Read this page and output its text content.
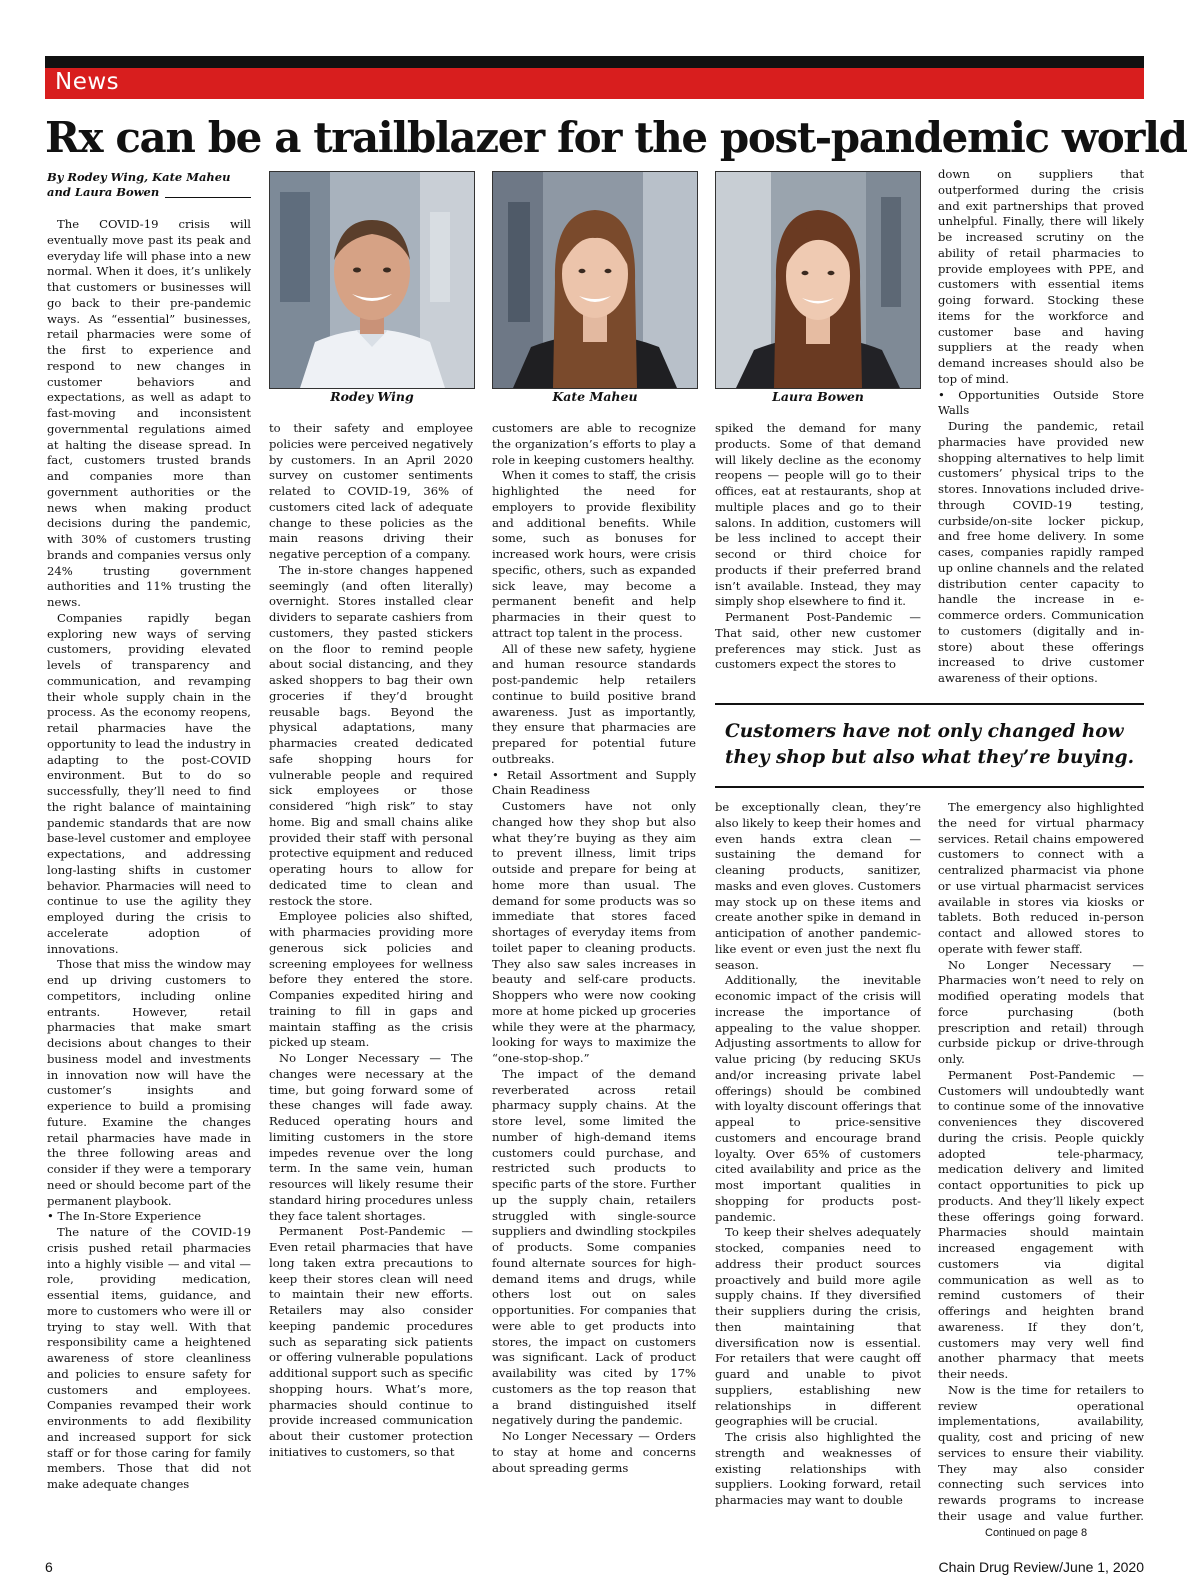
News
Rx can be a trailblazer for the post-pandemic world
By Rodey Wing, Kate Maheu and Laura Bowen
Rodey Wing	Kate Maheu	Laura Bowen

The COVID-19 crisis will eventually move past its peak and everyday life will phase into a new normal. When it does, it’s unlikely that customers or businesses will go back to their pre-pandemic ways. As “essential” businesses, retail pharmacies were some of the first to experience and respond to new changes in customer behaviors and expectations, as well as adapt to fast-moving and inconsistent governmental regulations aimed at halting the disease spread. In fact, customers trusted brands and companies more than government authorities or the news when making product decisions during the pandemic, with 30% of customers trusting brands and companies versus only 24% trusting government authorities and 11% trusting the news.

Companies rapidly began exploring new ways of serving customers, providing elevated levels of transparency and communication, and revamping their whole supply chain in the process. As the economy reopens, retail pharmacies have the opportunity to lead the industry in adapting to the post-COVID environment. But to do so successfully, they’ll need to find the right balance of maintaining pandemic standards that are now base-level customer and employee expectations, and addressing long-lasting shifts in customer behavior. Pharmacies will need to continue to use the agility they employed during the crisis to accelerate adoption of innovations.

Those that miss the window may end up driving customers to competitors, including online entrants. However, retail pharmacies that make smart decisions about changes to their business model and investments in innovation now will have the customer’s insights and experience to build a promising future. Examine the changes retail pharmacies have made in the three following areas and consider if they were a temporary need or should become part of the permanent playbook.

• The In-Store Experience

The nature of the COVID-19 crisis pushed retail pharmacies into a highly visible — and vital — role, providing medication, essential items, guidance, and more to customers who were ill or trying to stay well. With that responsibility came a heightened awareness of store cleanliness and policies to ensure safety for customers and employees. Companies revamped their work environments to add flexibility and increased support for sick staff or for those caring for family members. Those that did not make adequate changes

to their safety and employee policies were perceived negatively by customers. In an April 2020 survey on customer sentiments related to COVID-19, 36% of customers cited lack of adequate change to these policies as the main reasons driving their negative perception of a company.

The in-store changes happened seemingly (and often literally) overnight. Stores installed clear dividers to separate cashiers from customers, they pasted stickers on the floor to remind people about social distancing, and they asked shoppers to bag their own groceries if they’d brought reusable bags. Beyond the physical adaptations, many pharmacies created dedicated safe shopping hours for vulnerable people and required sick employees or those considered “high risk” to stay home. Big and small chains alike provided their staff with personal protective equipment and reduced operating hours to allow for dedicated time to clean and restock the store.

Employee policies also shifted, with pharmacies providing more generous sick policies and screening employees for wellness before they entered the store. Companies expedited hiring and training to fill in gaps and maintain staffing as the crisis picked up steam.

No Longer Necessary — The changes were necessary at the time, but going forward some of these changes will fade away. Reduced operating hours and limiting customers in the store impedes revenue over the long term. In the same vein, human resources will likely resume their standard hiring procedures unless they face talent shortages.

Permanent Post-Pandemic — Even retail pharmacies that have long taken extra precautions to keep their stores clean will need to maintain their new efforts. Retailers may also consider keeping pandemic procedures such as separating sick patients or offering vulnerable populations additional support such as specific shopping hours. What’s more, pharmacies should continue to provide increased communication about their customer protection initiatives to customers, so that

customers are able to recognize the organization’s efforts to play a role in keeping customers healthy.

When it comes to staff, the crisis highlighted the need for employers to provide flexibility and additional benefits. While some, such as bonuses for increased work hours, were crisis specific, others, such as expanded sick leave, may become a permanent benefit and help pharmacies in their quest to attract top talent in the process.

All of these new safety, hygiene and human resource standards post-pandemic help retailers continue to build positive brand awareness. Just as importantly, they ensure that pharmacies are prepared for potential future outbreaks.

• Retail Assortment and Supply Chain Readiness

Customers have not only changed how they shop but also what they’re buying as they aim to prevent illness, limit trips outside and prepare for being at home more than usual. The demand for some products was so immediate that stores faced shortages of everyday items from toilet paper to cleaning products. They also saw sales increases in beauty and self-care products. Shoppers who were now cooking more at home picked up groceries while they were at the pharmacy, looking for ways to maximize the “one-stop-shop.”

The impact of the demand reverberated across retail pharmacy supply chains. At the store level, some limited the number of high-demand items customers could purchase, and restricted such products to specific parts of the store. Further up the supply chain, retailers struggled with single-source suppliers and dwindling stockpiles of products. Some companies found alternate sources for high-demand items and drugs, while others lost out on sales opportunities. For companies that were able to get products into stores, the impact on customers was significant. Lack of product availability was cited by 17% customers as the top reason that a brand distinguished itself negatively during the pandemic.

No Longer Necessary — Orders to stay at home and concerns about spreading germs

spiked the demand for many products. Some of that demand will likely decline as the economy reopens — people will go to their offices, eat at restaurants, shop at multiple places and go to their salons. In addition, customers will be less inclined to accept their second or third choice for products if their preferred brand isn’t available. Instead, they may simply shop elsewhere to find it.

Permanent Post-Pandemic — That said, other new customer preferences may stick. Just as customers expect the stores to

down on suppliers that outperformed during the crisis and exit partnerships that proved unhelpful. Finally, there will likely be increased scrutiny on the ability of retail pharmacies to provide employees with PPE, and customers with essential items going forward. Stocking these items for the workforce and customer base and having suppliers at the ready when demand increases should also be top of mind.

• Opportunities Outside Store Walls

During the pandemic, retail pharmacies have provided new shopping alternatives to help limit customers’ physical trips to the stores. Innovations included drive-through COVID-19 testing, curbside/on-site locker pickup, and free home delivery. In some cases, companies rapidly ramped up online channels and the related distribution center capacity to handle the increase in e-commerce orders. Communication to customers (digitally and in-store) about these offerings increased to drive customer awareness of their options.

Customers have not only changed how they shop but also what they’re buying.

be exceptionally clean, they’re also likely to keep their homes and even hands extra clean — sustaining the demand for cleaning products, sanitizer, masks and even gloves. Customers may stock up on these items and create another spike in demand in anticipation of another pandemic-like event or even just the next flu season.

Additionally, the inevitable economic impact of the crisis will increase the importance of appealing to the value shopper. Adjusting assortments to allow for value pricing (by reducing SKUs and/or increasing private label offerings) should be combined with loyalty discount offerings that appeal to price-sensitive customers and encourage brand loyalty. Over 65% of customers cited availability and price as the most important qualities in shopping for products post-pandemic.

To keep their shelves adequately stocked, companies need to address their product sources proactively and build more agile supply chains. If they diversified their suppliers during the crisis, then maintaining that diversification now is essential. For retailers that were caught off guard and unable to pivot suppliers, establishing new relationships in different geographies will be crucial.

The crisis also highlighted the strength and weaknesses of existing relationships with suppliers. Looking forward, retail pharmacies may want to double

The emergency also highlighted the need for virtual pharmacy services. Retail chains empowered customers to connect with a centralized pharmacist via phone or use virtual pharmacist services available in stores via kiosks or tablets. Both reduced in-person contact and allowed stores to operate with fewer staff.

No Longer Necessary — Pharmacies won’t need to rely on modified operating models that force purchasing (both prescription and retail) through curbside pickup or drive-through only.

Permanent Post-Pandemic — Customers will undoubtedly want to continue some of the innovative conveniences they discovered during the crisis. People quickly adopted tele-pharmacy, medication delivery and limited contact opportunities to pick up products. And they’ll likely expect these offerings going forward. Pharmacies should maintain increased engagement with customers via digital communication as well as to remind customers of their offerings and heighten brand awareness. If they don’t, customers may very well find another pharmacy that meets their needs.

Now is the time for retailers to review operational implementations, availability, quality, cost and pricing of new services to ensure their viability. They may also consider connecting such services into rewards programs to increase their usage and value further.

Continued on page 8
6	Chain Drug Review/June 1, 2020
